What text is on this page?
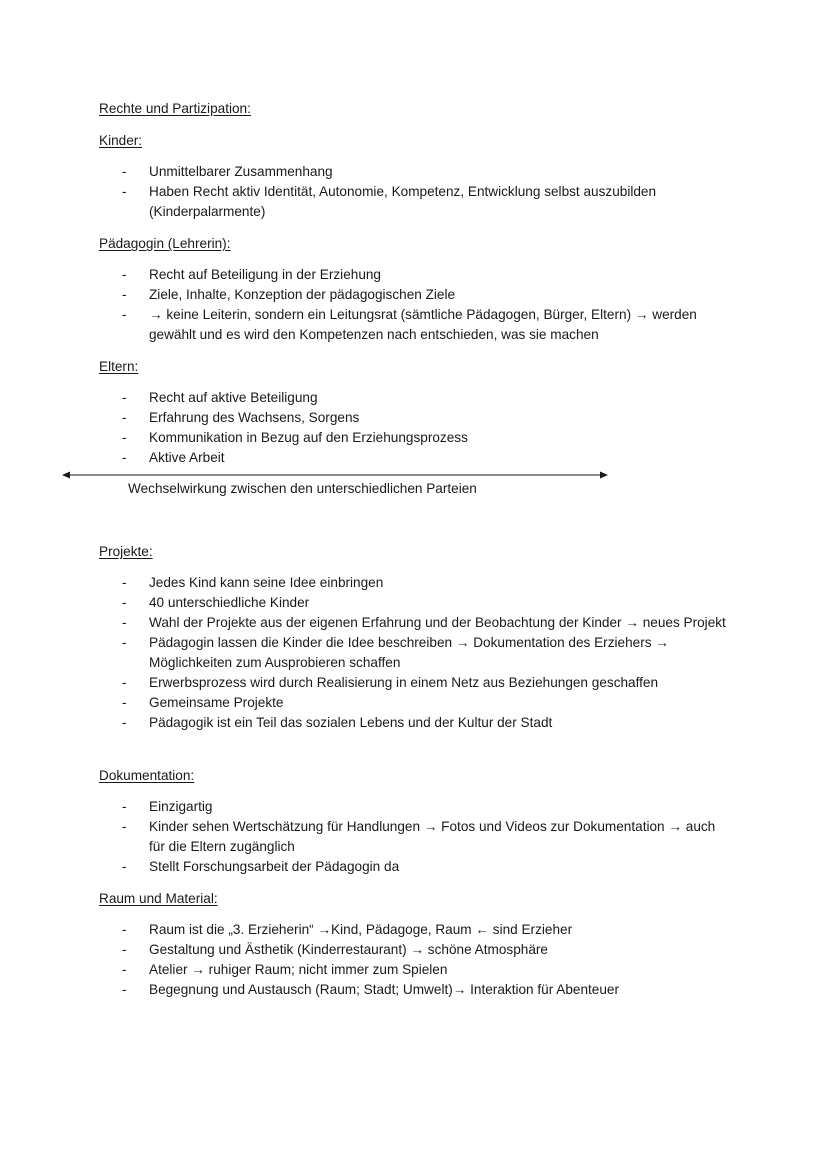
Rechte und Partizipation:
Kinder:
- Unmittelbarer Zusammenhang
- Haben Recht aktiv Identität, Autonomie, Kompetenz, Entwicklung selbst auszubilden (Kinderpalarmente)
Pädagogin (Lehrerin):
- Recht auf Beteiligung in der Erziehung
- Ziele, Inhalte, Konzeption der pädagogischen Ziele
- → keine Leiterin, sondern ein Leitungsrat (sämtliche Pädagogen, Bürger, Eltern) → werden gewählt und es wird den Kompetenzen nach entschieden, was sie machen
Eltern:
- Recht auf aktive Beteiligung
- Erfahrung des Wachsens, Sorgens
- Kommunikation in Bezug auf den Erziehungsprozess
- Aktive Arbeit
Wechselwirkung zwischen den unterschiedlichen Parteien
Projekte:
- Jedes Kind kann seine Idee einbringen
- 40 unterschiedliche Kinder
- Wahl der Projekte aus der eigenen Erfahrung und der Beobachtung der Kinder → neues Projekt
- Pädagogin lassen die Kinder die Idee beschreiben → Dokumentation des Erziehers → Möglichkeiten zum Ausprobieren schaffen
- Erwerbsprozess wird durch Realisierung in einem Netz aus Beziehungen geschaffen
- Gemeinsame Projekte
- Pädagogik ist ein Teil das sozialen Lebens und der Kultur der Stadt
Dokumentation:
- Einzigartig
- Kinder sehen Wertschätzung für Handlungen → Fotos und Videos zur Dokumentation → auch für die Eltern zugänglich
- Stellt Forschungsarbeit der Pädagogin da
Raum und Material:
- Raum ist die „3. Erzieherin“ →Kind, Pädagoge, Raum ← sind Erzieher
- Gestaltung und Ästhetik (Kinderrestaurant) → schöne Atmosphäre
- Atelier → ruhiger Raum; nicht immer zum Spielen
- Begegnung und Austausch (Raum; Stadt; Umwelt)→ Interaktion für Abenteuer
